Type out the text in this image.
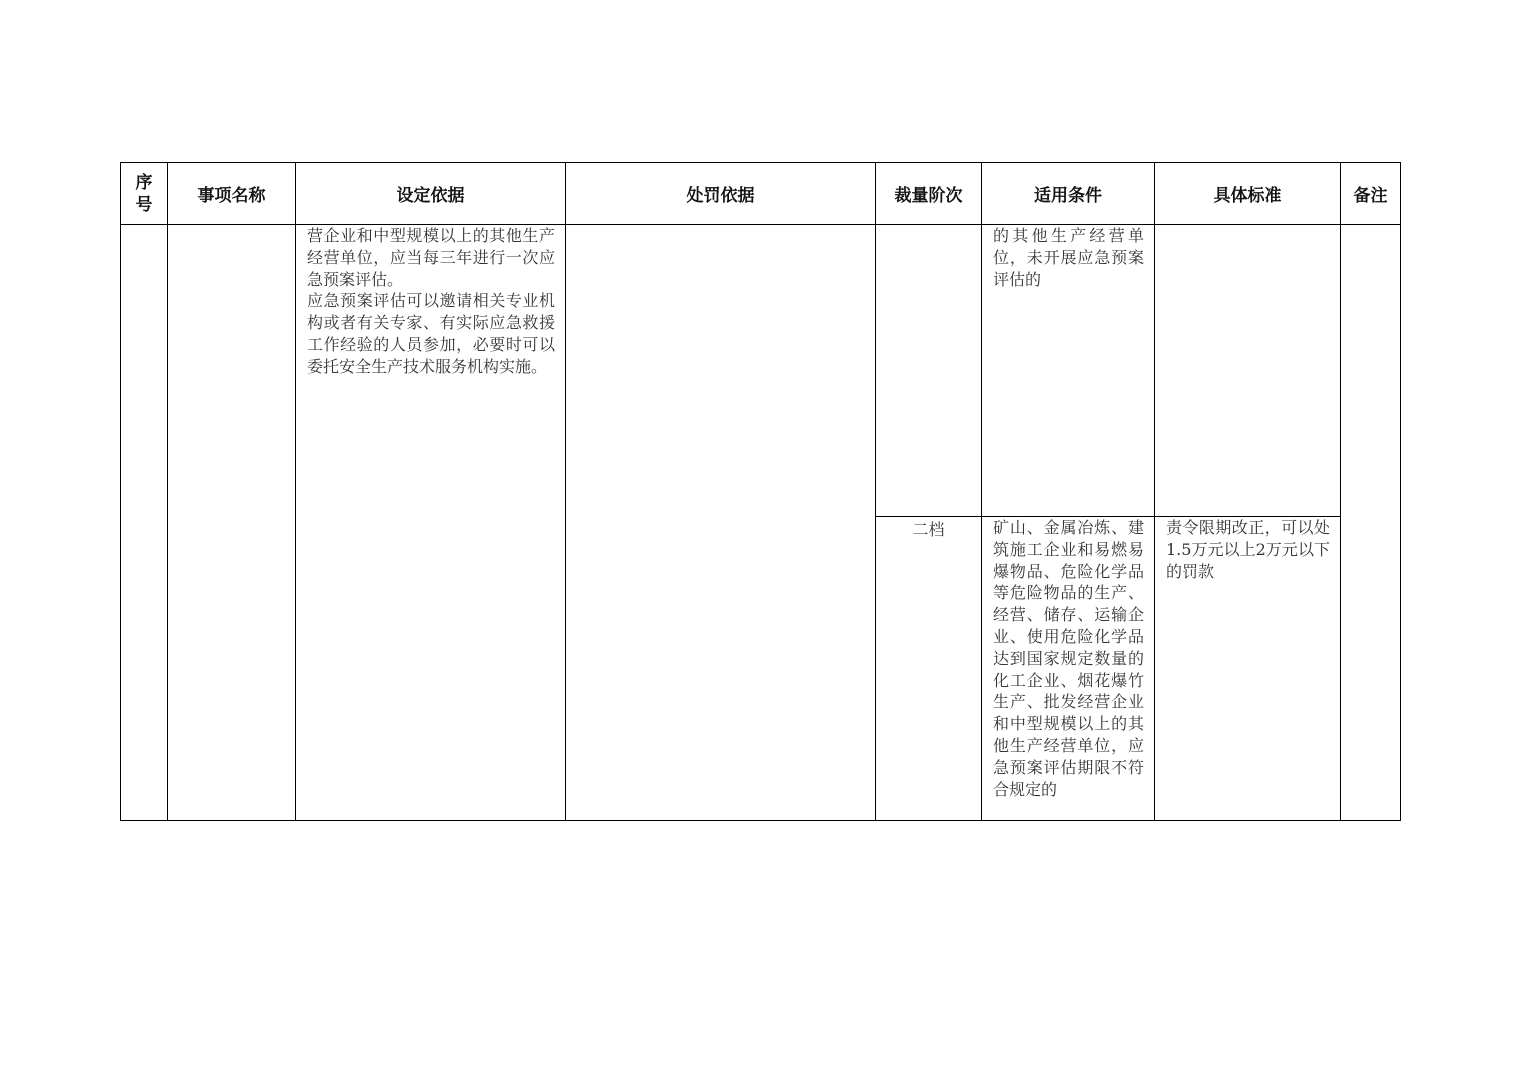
序号	事项名称	设定依据	处罚依据	裁量阶次	适用条件	具体标准	备注

		营企业和中型规模以上的其他生产经营单位，应当每三年进行一次应急预案评估。
应急预案评估可以邀请相关专业机构或者有关专家、有实际应急救援工作经验的人员参加，必要时可以委托安全生产技术服务机构实施。			的其他生产经营单位，未开展应急预案评估的		

				二档	矿山、金属冶炼、建筑施工企业和易燃易爆物品、危险化学品等危险物品的生产、经营、储存、运输企业、使用危险化学品达到国家规定数量的化工企业、烟花爆竹生产、批发经营企业和中型规模以上的其他生产经营单位，应急预案评估期限不符合规定的	责令限期改正，可以处1.5万元以上2万元以下的罚款	
